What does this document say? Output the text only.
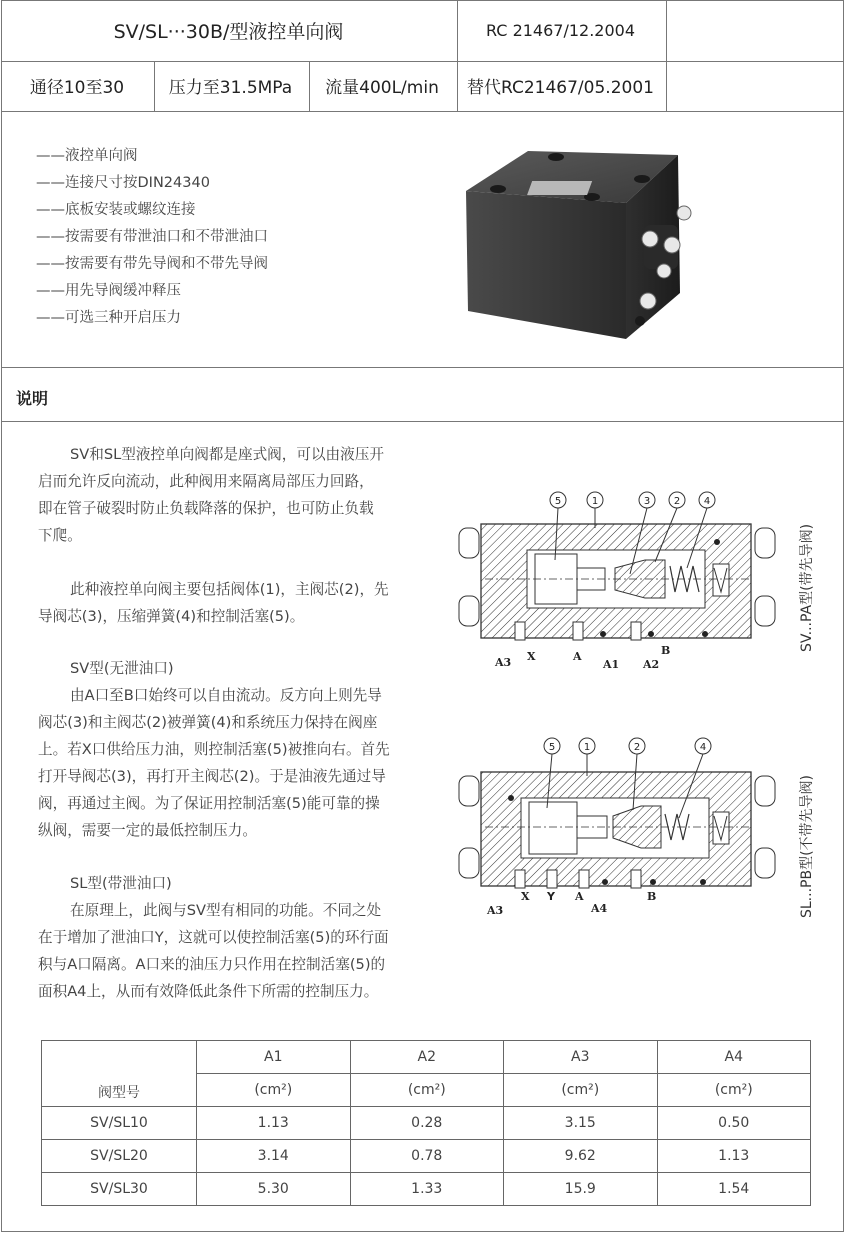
SV/SL···30B/型液控单向阀	RC 21467/12.2004
通径10至30	压力至31.5MPa	流量400L/min	替代RC21467/05.2001
——液控单向阀
——连接尺寸按DIN24340
——底板安装或螺纹连接
——按需要有带泄油口和不带泄油口
——按需要有带先导阀和不带先导阀
——用先导阀缓冲释压
——可选三种开启压力
说明
SV和SL型液控单向阀都是座式阀，可以由液压开
启而允许反向流动，此种阀用来隔离局部压力回路，
即在管子破裂时防止负载降落的保护，也可防止负载
下爬。
此种液控单向阀主要包括阀体(1)，主阀芯(2)，先
导阀芯(3)，压缩弹簧(4)和控制活塞(5)。
SV型(无泄油口)
由A口至B口始终可以自由流动。反方向上则先导
阀芯(3)和主阀芯(2)被弹簧(4)和系统压力保持在阀座
上。若X口供给压力油，则控制活塞(5)被推向右。首先
打开导阀芯(3)，再打开主阀芯(2)。于是油液先通过导
阀，再通过主阀。为了保证用控制活塞(5)能可靠的操
纵阀，需要一定的最低控制压力。
SL型(带泄油口)
在原理上，此阀与SV型有相同的功能。不同之处
在于增加了泄油口Y，这就可以使控制活塞(5)的环行面
积与A口隔离。A口来的油压力只作用在控制活塞(5)的
面积A4上，从而有效降低此条件下所需的控制压力。
5	1	3 2 4
A3 X	A
A1 A2
B
5	1	2	4
A3
X Y A
A4
B
SV...PA型(带先导阀)
SL...PB型(不带先导阀)
阀型号	A1	A2	A3	A4
	(cm²)	(cm²)	(cm²)	(cm²)
SV/SL10	1.13	0.28	3.15	0.50
SV/SL20	3.14	0.78	9.62	1.13
SV/SL30	5.30	1.33	15.9	1.54
